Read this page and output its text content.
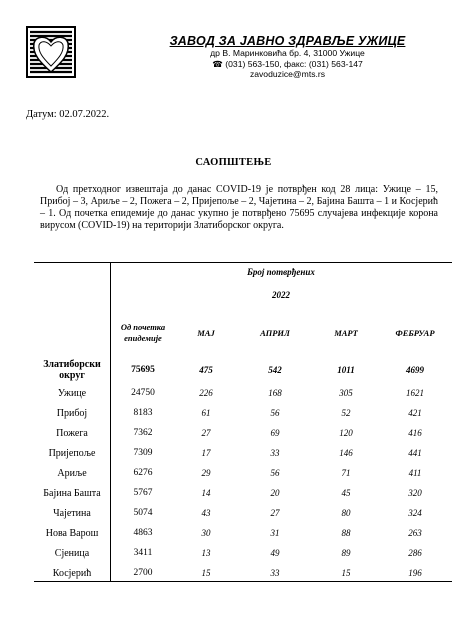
ЗАВОД ЗА ЈАВНО ЗДРАВЉЕ УЖИЦЕ
др В. Маринковића бр. 4, 31000 Ужице
☎ (031) 563-150, факс: (031) 563-147
zavoduzice@mts.rs
Датум: 02.07.2022.
САОПШТЕЊЕ
Од претходног извештаја до данас COVID-19 је потврђен код 28 лица: Ужице – 15, Прибој – 3, Ариље – 2, Пожега – 2, Пријепоље – 2, Чајетина – 2, Бајина Башта – 1 и Косјерић – 1. Од почетка епидемије до данас укупно је потврђено 75695 случајева инфекције корона вирусом (COVID-19) на територији Златиборског округа.
	Број потврђених				
	2022				
	Од почетка епидемије	МАЈ	АПРИЛ	МАРТ	ФЕБРУАР
Златиборски округ	75695	475	542	1011	4699
Ужице	24750	226	168	305	1621
Прибој	8183	61	56	52	421
Пожега	7362	27	69	120	416
Пријепоље	7309	17	33	146	441
Ариље	6276	29	56	71	411
Бајина Башта	5767	14	20	45	320
Чајетина	5074	43	27	80	324
Нова Варош	4863	30	31	88	263
Сјеница	3411	13	49	89	286
Косјерић	2700	15	33	15	196
